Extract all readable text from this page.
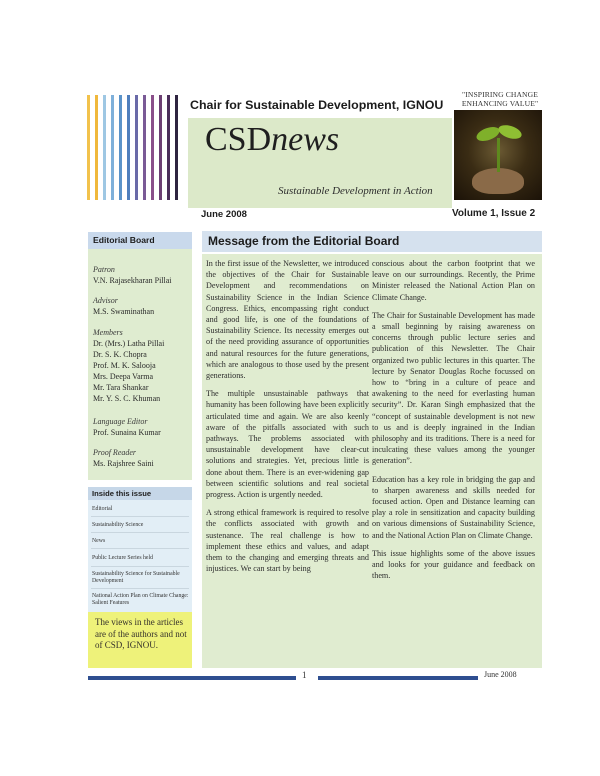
Chair for Sustainable Development, IGNOU
"INSPIRING CHANGE
ENHANCING VALUE"
CSDnews
Sustainable Development in Action
June 2008	Volume 1, Issue 2
Editorial Board
Patron
V.N. Rajasekharan Pillai
Advisor
M.S. Swaminathan
Members
Dr. (Mrs.) Latha Pillai
Dr. S. K. Chopra
Prof. M. K. Salooja
Mrs. Deepa Varma
Mr. Tara Shankar
Mr. Y. S. C. Khuman
Language Editor
Prof. Sunaina Kumar
Proof Reader
Ms. Rajshree Saini
Inside this issue
Editorial
Sustainability Science
News
Public Lecture Series held
Sustainability Science for Sustainable Development
National Action Plan on Climate Change: Salient Features
The views in the articles are of the authors and not of CSD, IGNOU.
Message from the Editorial Board

In the first issue of the Newsletter, we introduced the objectives of the Chair for Sustainable Development and recommendations on Sustainability Science in the Indian Science Congress. Ethics, encompassing right conduct and good life, is one of the foundations of Sustainability Science. Its necessity emerges out of the need providing assurance of opportunities and natural resources for the future generations, which are analogous to those used by the present generations.

The multiple unsustainable pathways that humanity has been following have been explicitly articulated time and again. We are also keenly aware of the pitfalls associated with such pathways. The problems associated with unsustainable development have clear-cut solutions and strategies. Yet, precious little is done about them. There is an ever-widening gap between scientific solutions and real societal progress. Action is urgently needed.

A strong ethical framework is required to resolve the conflicts associated with growth and sustenance. The real challenge is how to implement these ethics and values, and adapt them to the changing and emerging threats and injustices. We can start by being

conscious about the carbon footprint that we leave on our surroundings. Recently, the Prime Minister released the National Action Plan on Climate Change.

The Chair for Sustainable Development has made a small beginning by raising awareness on concerns through public lecture series and publication of this Newsletter. The Chair organized two public lectures in this quarter. The lecture by Senator Douglas Roche focussed on how to “bring in a culture of peace and awakening to the need for everlasting human security”. Dr. Karan Singh emphasized that the “concept of sustainable development is not new to us and is deeply ingrained in the Indian philosophy and its traditions. There is a need for inculcating these values among the younger generation”.

Education has a key role in bridging the gap and to sharpen awareness and skills needed for focused action. Open and Distance learning can play a role in sensitization and capacity building on various dimensions of Sustainability Science, and the National Action Plan on Climate Change.

This issue highlights some of the above issues and looks for your guidance and feedback on them.

1	June 2008
